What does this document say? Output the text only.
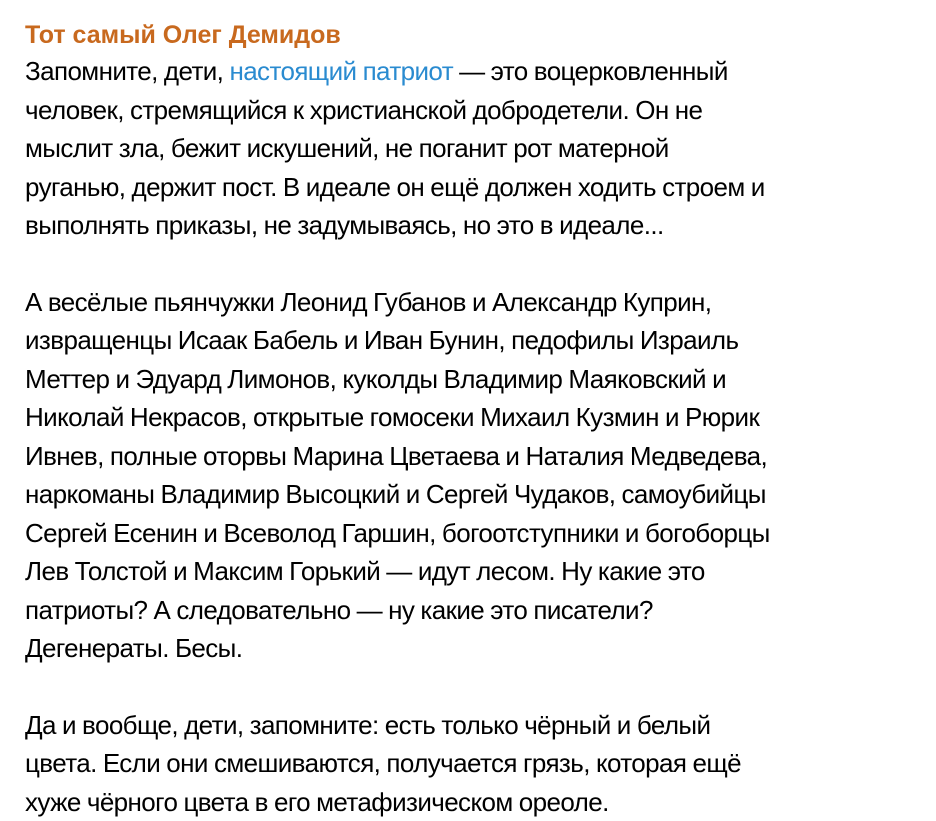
Тот самый Олег Демидов
Запомните, дети, настоящий патриот — это воцерковленный
человек, стремящийся к христианской добродетели. Он не
мыслит зла, бежит искушений, не поганит рот матерной
руганью, держит пост. В идеале он ещё должен ходить строем и
выполнять приказы, не задумываясь, но это в идеале...
А весёлые пьянчужки Леонид Губанов и Александр Куприн,
извращенцы Исаак Бабель и Иван Бунин, педофилы Израиль
Меттер и Эдуард Лимонов, куколды Владимир Маяковский и
Николай Некрасов, открытые гомосеки Михаил Кузмин и Рюрик
Ивнев, полные оторвы Марина Цветаева и Наталия Медведева,
наркоманы Владимир Высоцкий и Сергей Чудаков, самоубийцы
Сергей Есенин и Всеволод Гаршин, богоотступники и богоборцы
Лев Толстой и Максим Горький — идут лесом. Ну какие это
патриоты? А следовательно — ну какие это писатели?
Дегенераты. Бесы.
Да и вообще, дети, запомните: есть только чёрный и белый
цвета. Если они смешиваются, получается грязь, которая ещё
хуже чёрного цвета в его метафизическом ореоле.
